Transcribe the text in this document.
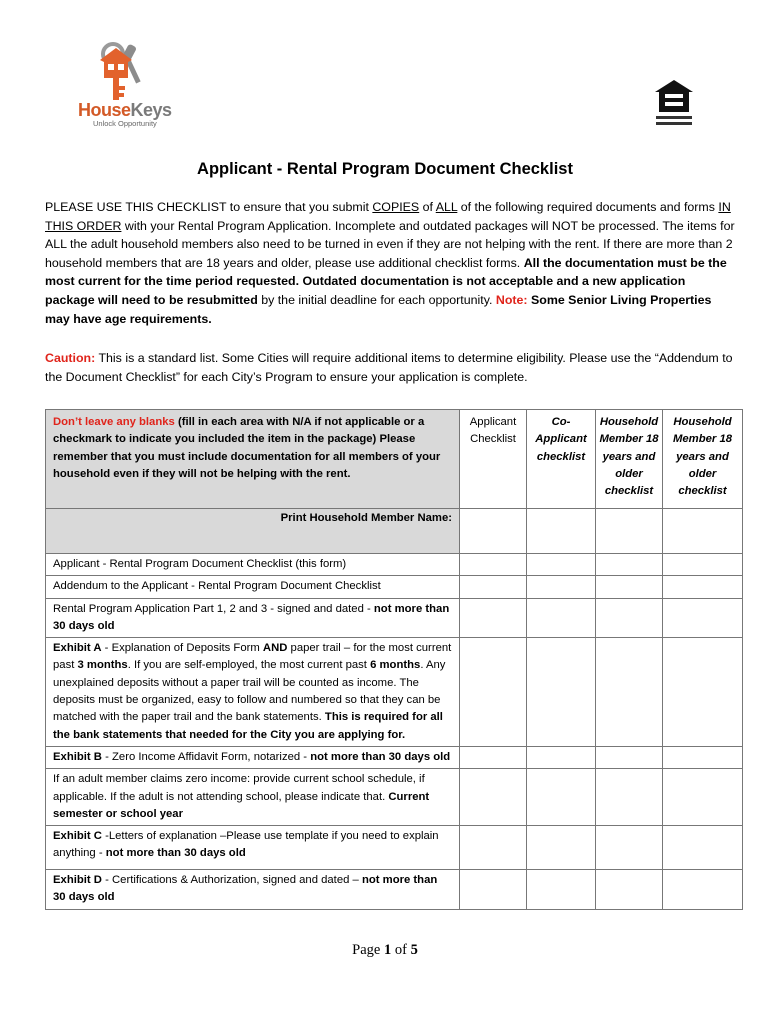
HouseKeys
Unlock Opportunity
Applicant - Rental Program Document Checklist
PLEASE USE THIS CHECKLIST to ensure that you submit COPIES of ALL of the following required documents and forms IN THIS ORDER with your Rental Program Application. Incomplete and outdated packages will NOT be processed. The items for ALL the adult household members also need to be turned in even if they are not helping with the rent. If there are more than 2 household members that are 18 years and older, please use additional checklist forms. All the documentation must be the most current for the time period requested. Outdated documentation is not acceptable and a new application package will need to be resubmitted by the initial deadline for each opportunity. Note: Some Senior Living Properties may have age requirements.
Caution: This is a standard list. Some Cities will require additional items to determine eligibility. Please use the “Addendum to the Document Checklist” for each City’s Program to ensure your application is complete.
Don’t leave any blanks (fill in each area with N/A if not applicable or a checkmark to indicate you included the item in the package) Please remember that you must include documentation for all members of your household even if they will not be helping with the rent.	Applicant Checklist	Co-Applicant checklist	Household Member 18 years and older checklist	Household Member 18 years and older checklist
Print Household Member Name:				
Applicant - Rental Program Document Checklist (this form)				
Addendum to the Applicant - Rental Program Document Checklist				
Rental Program Application Part 1, 2 and 3 - signed and dated - not more than 30 days old				
Exhibit A - Explanation of Deposits Form AND paper trail – for the most current past 3 months. If you are self-employed, the most current past 6 months. Any unexplained deposits without a paper trail will be counted as income. The deposits must be organized, easy to follow and numbered so that they can be matched with the paper trail and the bank statements. This is required for all the bank statements that needed for the City you are applying for.				
Exhibit B - Zero Income Affidavit Form, notarized - not more than 30 days old				
If an adult member claims zero income: provide current school schedule, if applicable. If the adult is not attending school, please indicate that. Current semester or school year				
Exhibit C -Letters of explanation –Please use template if you need to explain anything - not more than 30 days old				
Exhibit D - Certifications & Authorization, signed and dated – not more than 30 days old				
Page 1 of 5
